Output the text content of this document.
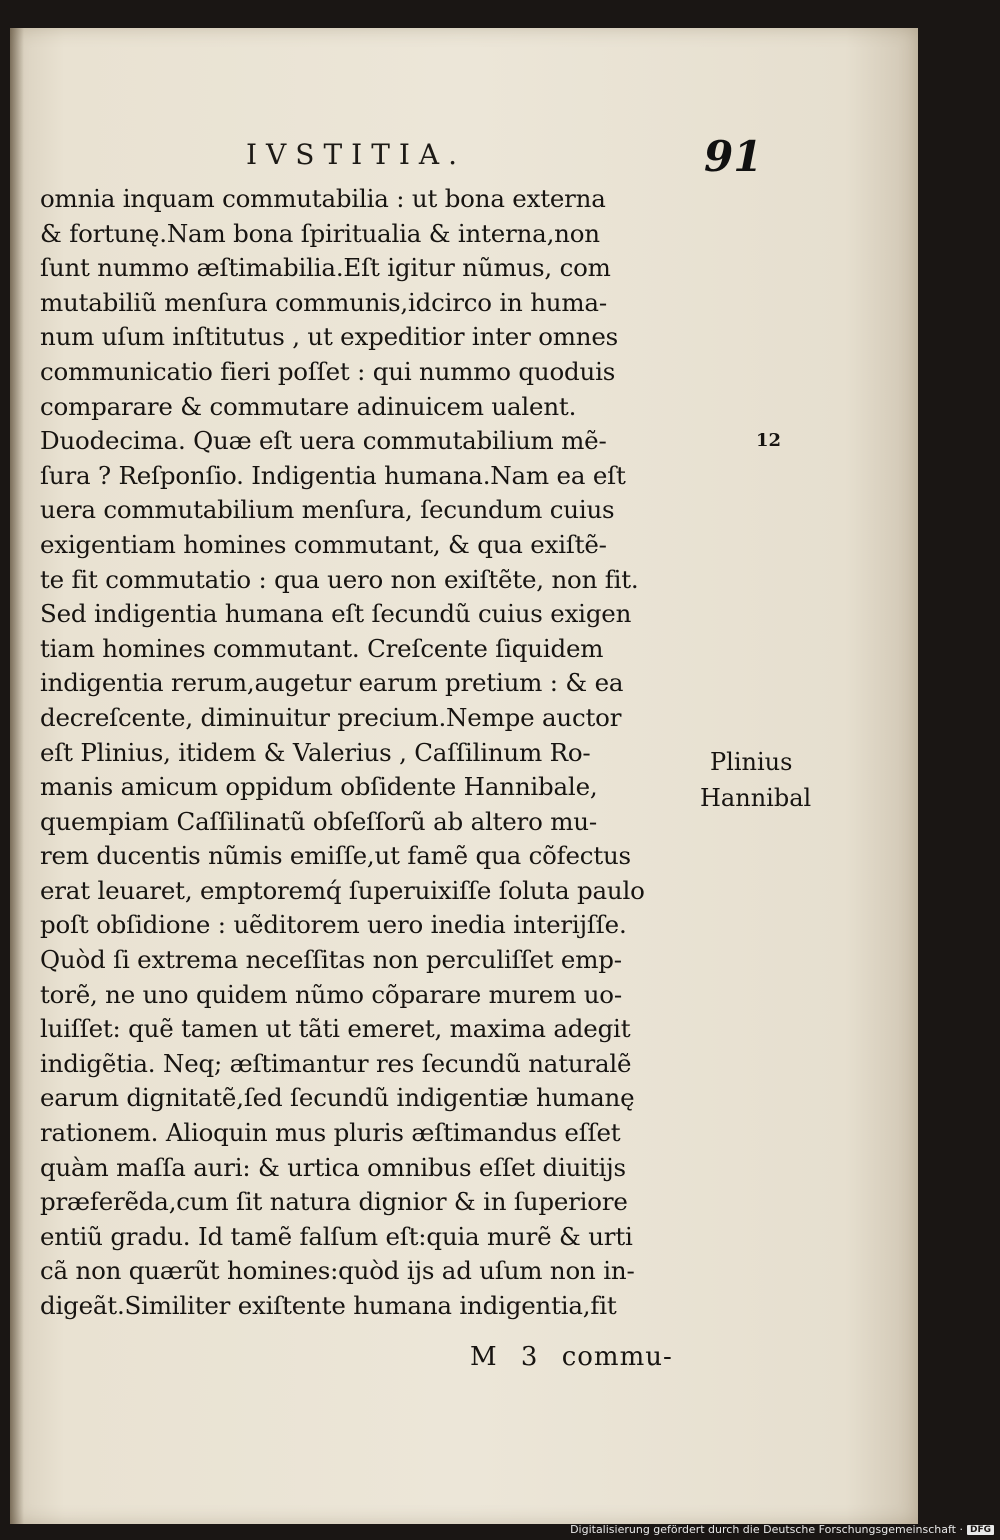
IVSTITIA.	91
omnia inquam commutabilia : ut bona externa
& fortunę.Nam bona ſpiritualia & interna,non
ſunt nummo æſtimabilia.Eſt igitur nũmus, com
mutabiliũ menſura communis,idcirco in huma-
num uſum inſtitutus , ut expeditior inter omnes
communicatio fieri poſſet : qui nummo quoduis
comparare & commutare adinuicem ualent.
Duodecima. Quæ eſt uera commutabilium mẽ-
ſura ? Reſponſio. Indigentia humana.Nam ea eſt
uera commutabilium menſura, ſecundum cuius
exigentiam homines commutant, & qua exiſtẽ-
te fit commutatio : qua uero non exiſtẽte, non fit.
Sed indigentia humana eſt ſecundũ cuius exigen
tiam homines commutant. Creſcente ſiquidem
indigentia rerum,augetur earum pretium : & ea
decreſcente, diminuitur precium.Nempe auctor
eſt Plinius, itidem & Valerius , Caſſilinum Ro-
manis amicum oppidum obſidente Hannibale,
quempiam Caſſilinatũ obſeſſorũ ab altero mu-
rem ducentis nũmis emiſſe,ut famẽ qua cõfectus
erat leuaret, emptoremq́ ſuperuixiſſe ſoluta paulo
poſt obſidione : uẽditorem uero inedia interijſſe.
Quòd ſi extrema neceſſitas non perculiſſet emp-
torẽ, ne uno quidem nũmo cõparare murem uo-
luiſſet: quẽ tamen ut tãti emeret, maxima adegit
indigẽtia. Neq; æſtimantur res ſecundũ naturalẽ
earum dignitatẽ,ſed ſecundũ indigentiæ humanę
rationem. Alioquin mus pluris æſtimandus eſſet
quàm maſſa auri: & urtica omnibus eſſet diuitijs
præferẽda,cum ſit natura dignior & in ſuperiore
entiũ gradu. Id tamẽ falſum eſt:quia murẽ & urti
cã non quærũt homines:quòd ijs ad uſum non in-
digeãt.Similiter exiſtente humana indigentia,fit
M 3 commu-
12
Plinius
Hannibal
Digitalisierung gefördert durch die Deutsche Forschungsgemeinschaft · DFG
